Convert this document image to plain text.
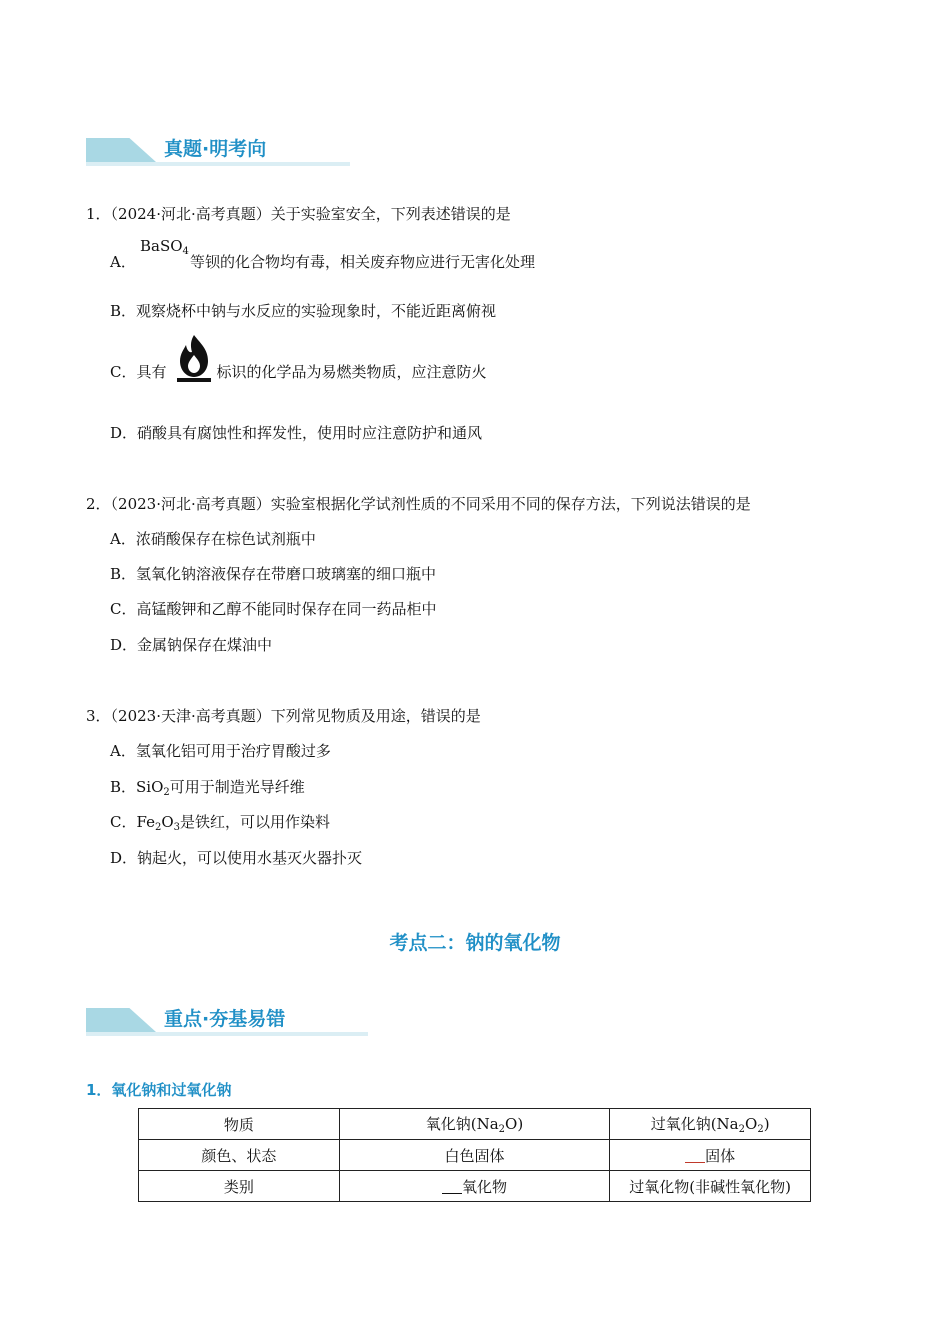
真题·明考向
1．（2024·河北·高考真题）关于实验室安全，下列表述错误的是
A．
BaSO$_4$
等钡的化合物均有毒，相关废弃物应进行无害化处理
B．观察烧杯中钠与水反应的实验现象时，不能近距离俯视
C．具有	标识的化学品为易燃类物质，应注意防火
D．硝酸具有腐蚀性和挥发性，使用时应注意防护和通风
2．（2023·河北·高考真题）实验室根据化学试剂性质的不同采用不同的保存方法，下列说法错误的是
A．浓硝酸保存在棕色试剂瓶中
B．氢氧化钠溶液保存在带磨口玻璃塞的细口瓶中
C．高锰酸钾和乙醇不能同时保存在同一药品柜中
D．金属钠保存在煤油中
3．（2023·天津·高考真题）下列常见物质及用途，错误的是
A．氢氧化铝可用于治疗胃酸过多
B．SiO$_2$可用于制造光导纤维
C．$Fe_2O_3$是铁红，可以用作染料
D．钠起火，可以使用水基灭火器扑灭
考点二：钠的氧化物
重点·夯基易错
1．氧化钠和过氧化钠
物质	氧化钠$(Na_2O)$	过氧化钠$(Na_2O_2)$
颜色、状态	白色固体	固体
类别	氧化物	过氧化物(非碱性氧化物)
